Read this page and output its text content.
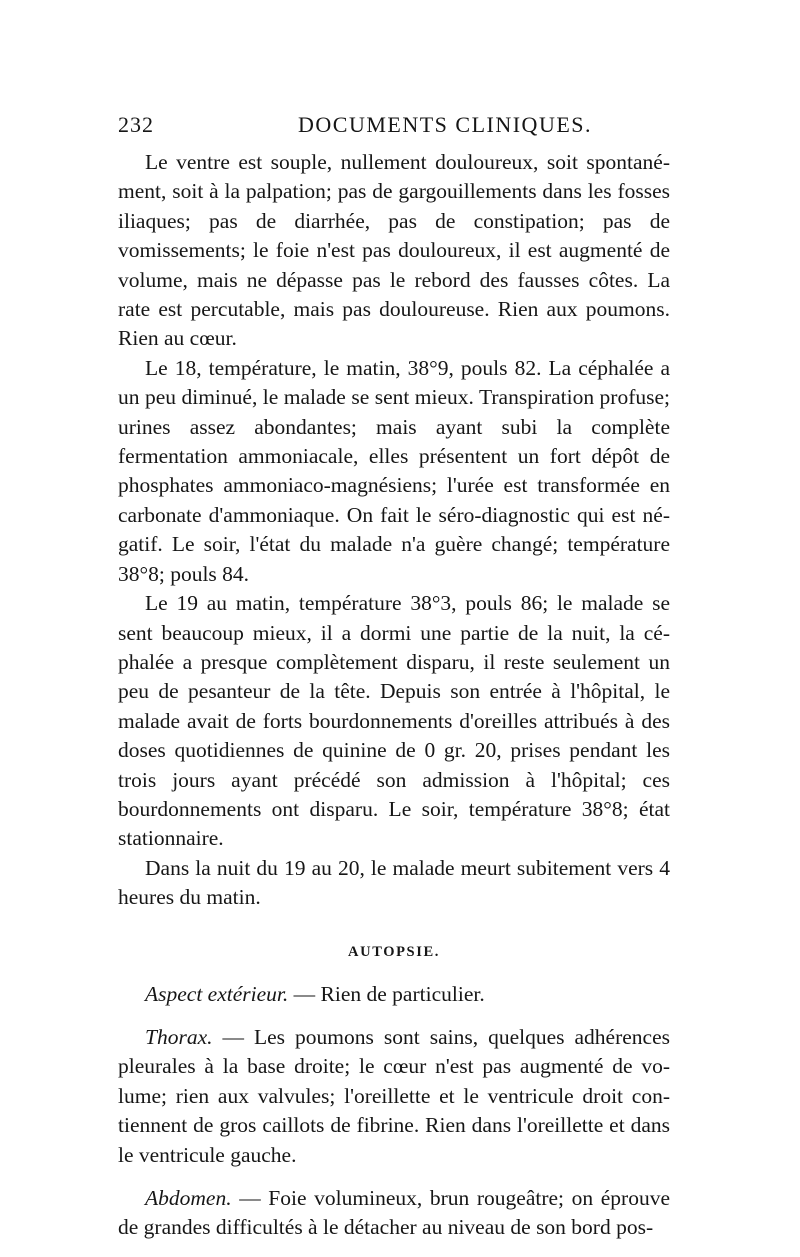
232	DOCUMENTS CLINIQUES.

Le ventre est souple, nullement douloureux, soit spontanément, soit à la palpation; pas de gargouillements dans les fosses iliaques; pas de diarrhée, pas de constipation; pas de vomissements; le foie n'est pas douloureux, il est augmenté de volume, mais ne dépasse pas le rebord des fausses côtes. La rate est percutable, mais pas douloureuse. Rien aux poumons. Rien au cœur.

Le 18, température, le matin, 38°9, pouls 82. La céphalée a un peu diminué, le malade se sent mieux. Transpiration profuse; urines assez abondantes; mais ayant subi la complète fermentation ammoniacale, elles présentent un fort dépôt de phosphates ammoniaco-magnésiens; l'urée est transformée en carbonate d'ammoniaque. On fait le séro-diagnostic qui est négatif. Le soir, l'état du malade n'a guère changé; température 38°8; pouls 84.

Le 19 au matin, température 38°3, pouls 86; le malade se sent beaucoup mieux, il a dormi une partie de la nuit, la céphalée a presque complètement disparu, il reste seulement un peu de pesanteur de la tête. Depuis son entrée à l'hôpital, le malade avait de forts bourdonnements d'oreilles attribués à des doses quotidiennes de quinine de 0 gr. 20, prises pendant les trois jours ayant précédé son admission à l'hôpital; ces bourdonnements ont disparu. Le soir, température 38°8; état stationnaire.

Dans la nuit du 19 au 20, le malade meurt subitement vers 4 heures du matin.

AUTOPSIE.

Aspect extérieur. — Rien de particulier.

Thorax. — Les poumons sont sains, quelques adhérences pleurales à la base droite; le cœur n'est pas augmenté de volume; rien aux valvules; l'oreillette et le ventricule droit contiennent de gros caillots de fibrine. Rien dans l'oreillette et dans le ventricule gauche.

Abdomen. — Foie volumineux, brun rougeâtre; on éprouve de grandes difficultés à le détacher au niveau de son bord pos-
